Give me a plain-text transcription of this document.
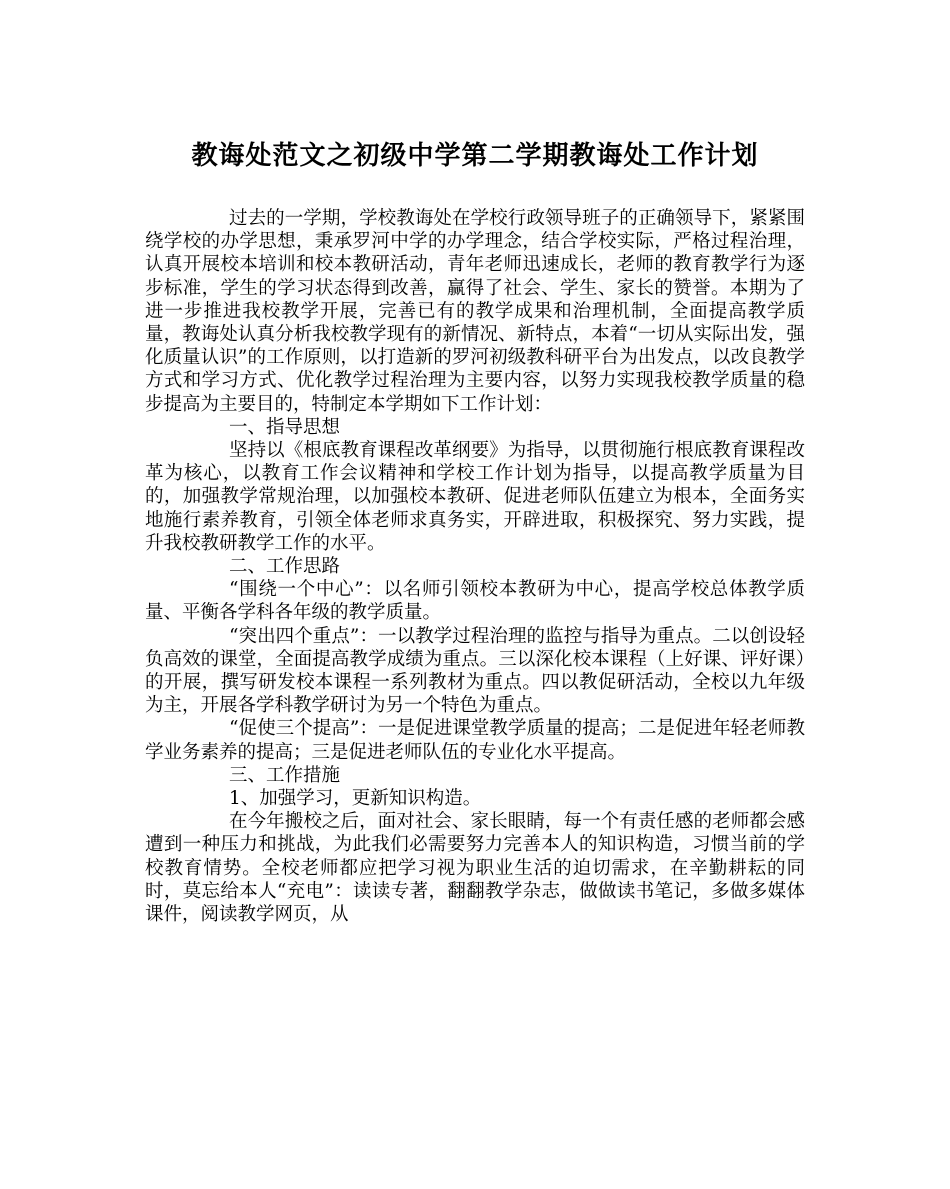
教诲处范文之初级中学第二学期教诲处工作计划

过去的一学期，学校教诲处在学校行政领导班子的正确领导下，紧紧围绕学校的办学思想，秉承罗河中学的办学理念，结合学校实际，严格过程治理，认真开展校本培训和校本教研活动，青年老师迅速成长，老师的教育教学行为逐步标准，学生的学习状态得到改善，赢得了社会、学生、家长的赞誉。本期为了进一步推进我校教学开展，完善已有的教学成果和治理机制，全面提高教学质量，教诲处认真分析我校教学现有的新情况、新特点，本着“一切从实际出发，强化质量认识”的工作原则，以打造新的罗河初级教科研平台为出发点，以改良教学方式和学习方式、优化教学过程治理为主要内容，以努力实现我校教学质量的稳步提高为主要目的，特制定本学期如下工作计划：

一、指导思想

坚持以《根底教育课程改革纲要》为指导，以贯彻施行根底教育课程改革为核心，以教育工作会议精神和学校工作计划为指导，以提高教学质量为目的，加强教学常规治理，以加强校本教研、促进老师队伍建立为根本，全面务实地施行素养教育，引领全体老师求真务实，开辟进取，积极探究、努力实践，提升我校教研教学工作的水平。

二、工作思路

“围绕一个中心”：以名师引领校本教研为中心，提高学校总体教学质量、平衡各学科各年级的教学质量。

“突出四个重点”：一以教学过程治理的监控与指导为重点。二以创设轻负高效的课堂，全面提高教学成绩为重点。三以深化校本课程（上好课、评好课）的开展，撰写研发校本课程一系列教材为重点。四以教促研活动，全校以九年级为主，开展各学科教学研讨为另一个特色为重点。

“促使三个提高”：一是促进课堂教学质量的提高；二是促进年轻老师教学业务素养的提高；三是促进老师队伍的专业化水平提高。

三、工作措施

1、加强学习，更新知识构造。

在今年搬校之后，面对社会、家长眼睛，每一个有责任感的老师都会感遭到一种压力和挑战，为此我们必需要努力完善本人的知识构造，习惯当前的学校教育情势。全校老师都应把学习视为职业生活的迫切需求，在辛勤耕耘的同时，莫忘给本人“充电”：读读专著，翻翻教学杂志，做做读书笔记，多做多媒体课件，阅读教学网页，从
